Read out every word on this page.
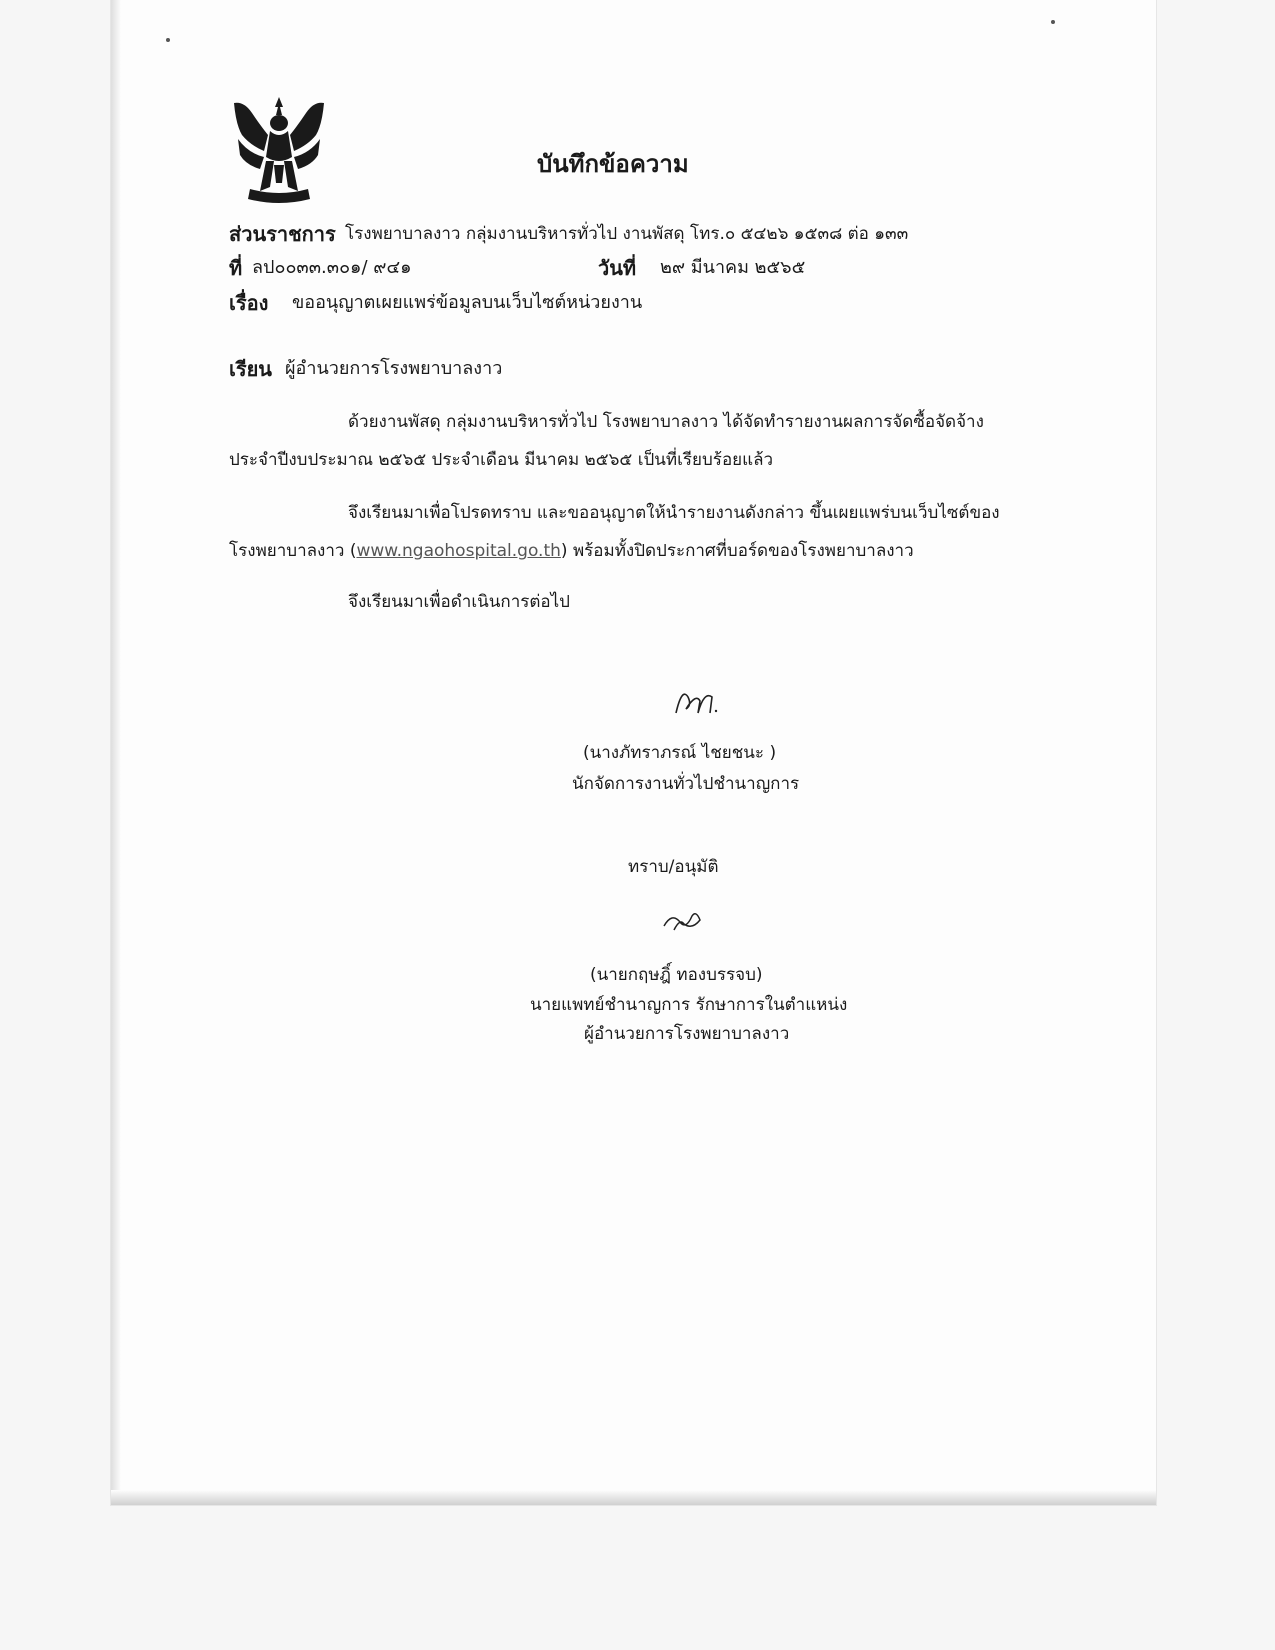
บันทึกข้อความ
ส่วนราชการ โรงพยาบาลงาว กลุ่มงานบริหารทั่วไป งานพัสดุ โทร.๐ ๕๔๒๖ ๑๕๓๘ ต่อ ๑๓๓
ที่ ลป๐๐๓๓.๓๐๑/ ๙๔๑	วันที่ ๒๙ มีนาคม ๒๕๖๕
เรื่อง ขออนุญาตเผยแพร่ข้อมูลบนเว็บไซต์หน่วยงาน
เรียน ผู้อำนวยการโรงพยาบาลงาว
ด้วยงานพัสดุ กลุ่มงานบริหารทั่วไป โรงพยาบาลงาว ได้จัดทำรายงานผลการจัดซื้อจัดจ้าง
ประจำปีงบประมาณ ๒๕๖๕ ประจำเดือน มีนาคม ๒๕๖๕ เป็นที่เรียบร้อยแล้ว
จึงเรียนมาเพื่อโปรดทราบ และขออนุญาตให้นำรายงานดังกล่าว ขึ้นเผยแพร่บนเว็บไซต์ของ
โรงพยาบาลงาว (www.ngaohospital.go.th) พร้อมทั้งปิดประกาศที่บอร์ดของโรงพยาบาลงาว
จึงเรียนมาเพื่อดำเนินการต่อไป
(นางภัทราภรณ์ ไชยชนะ )
นักจัดการงานทั่วไปชำนาญการ
ทราบ/อนุมัติ
(นายกฤษฎิ์ ทองบรรจบ)
นายแพทย์ชำนาญการ รักษาการในตำแหน่ง
ผู้อำนวยการโรงพยาบาลงาว
